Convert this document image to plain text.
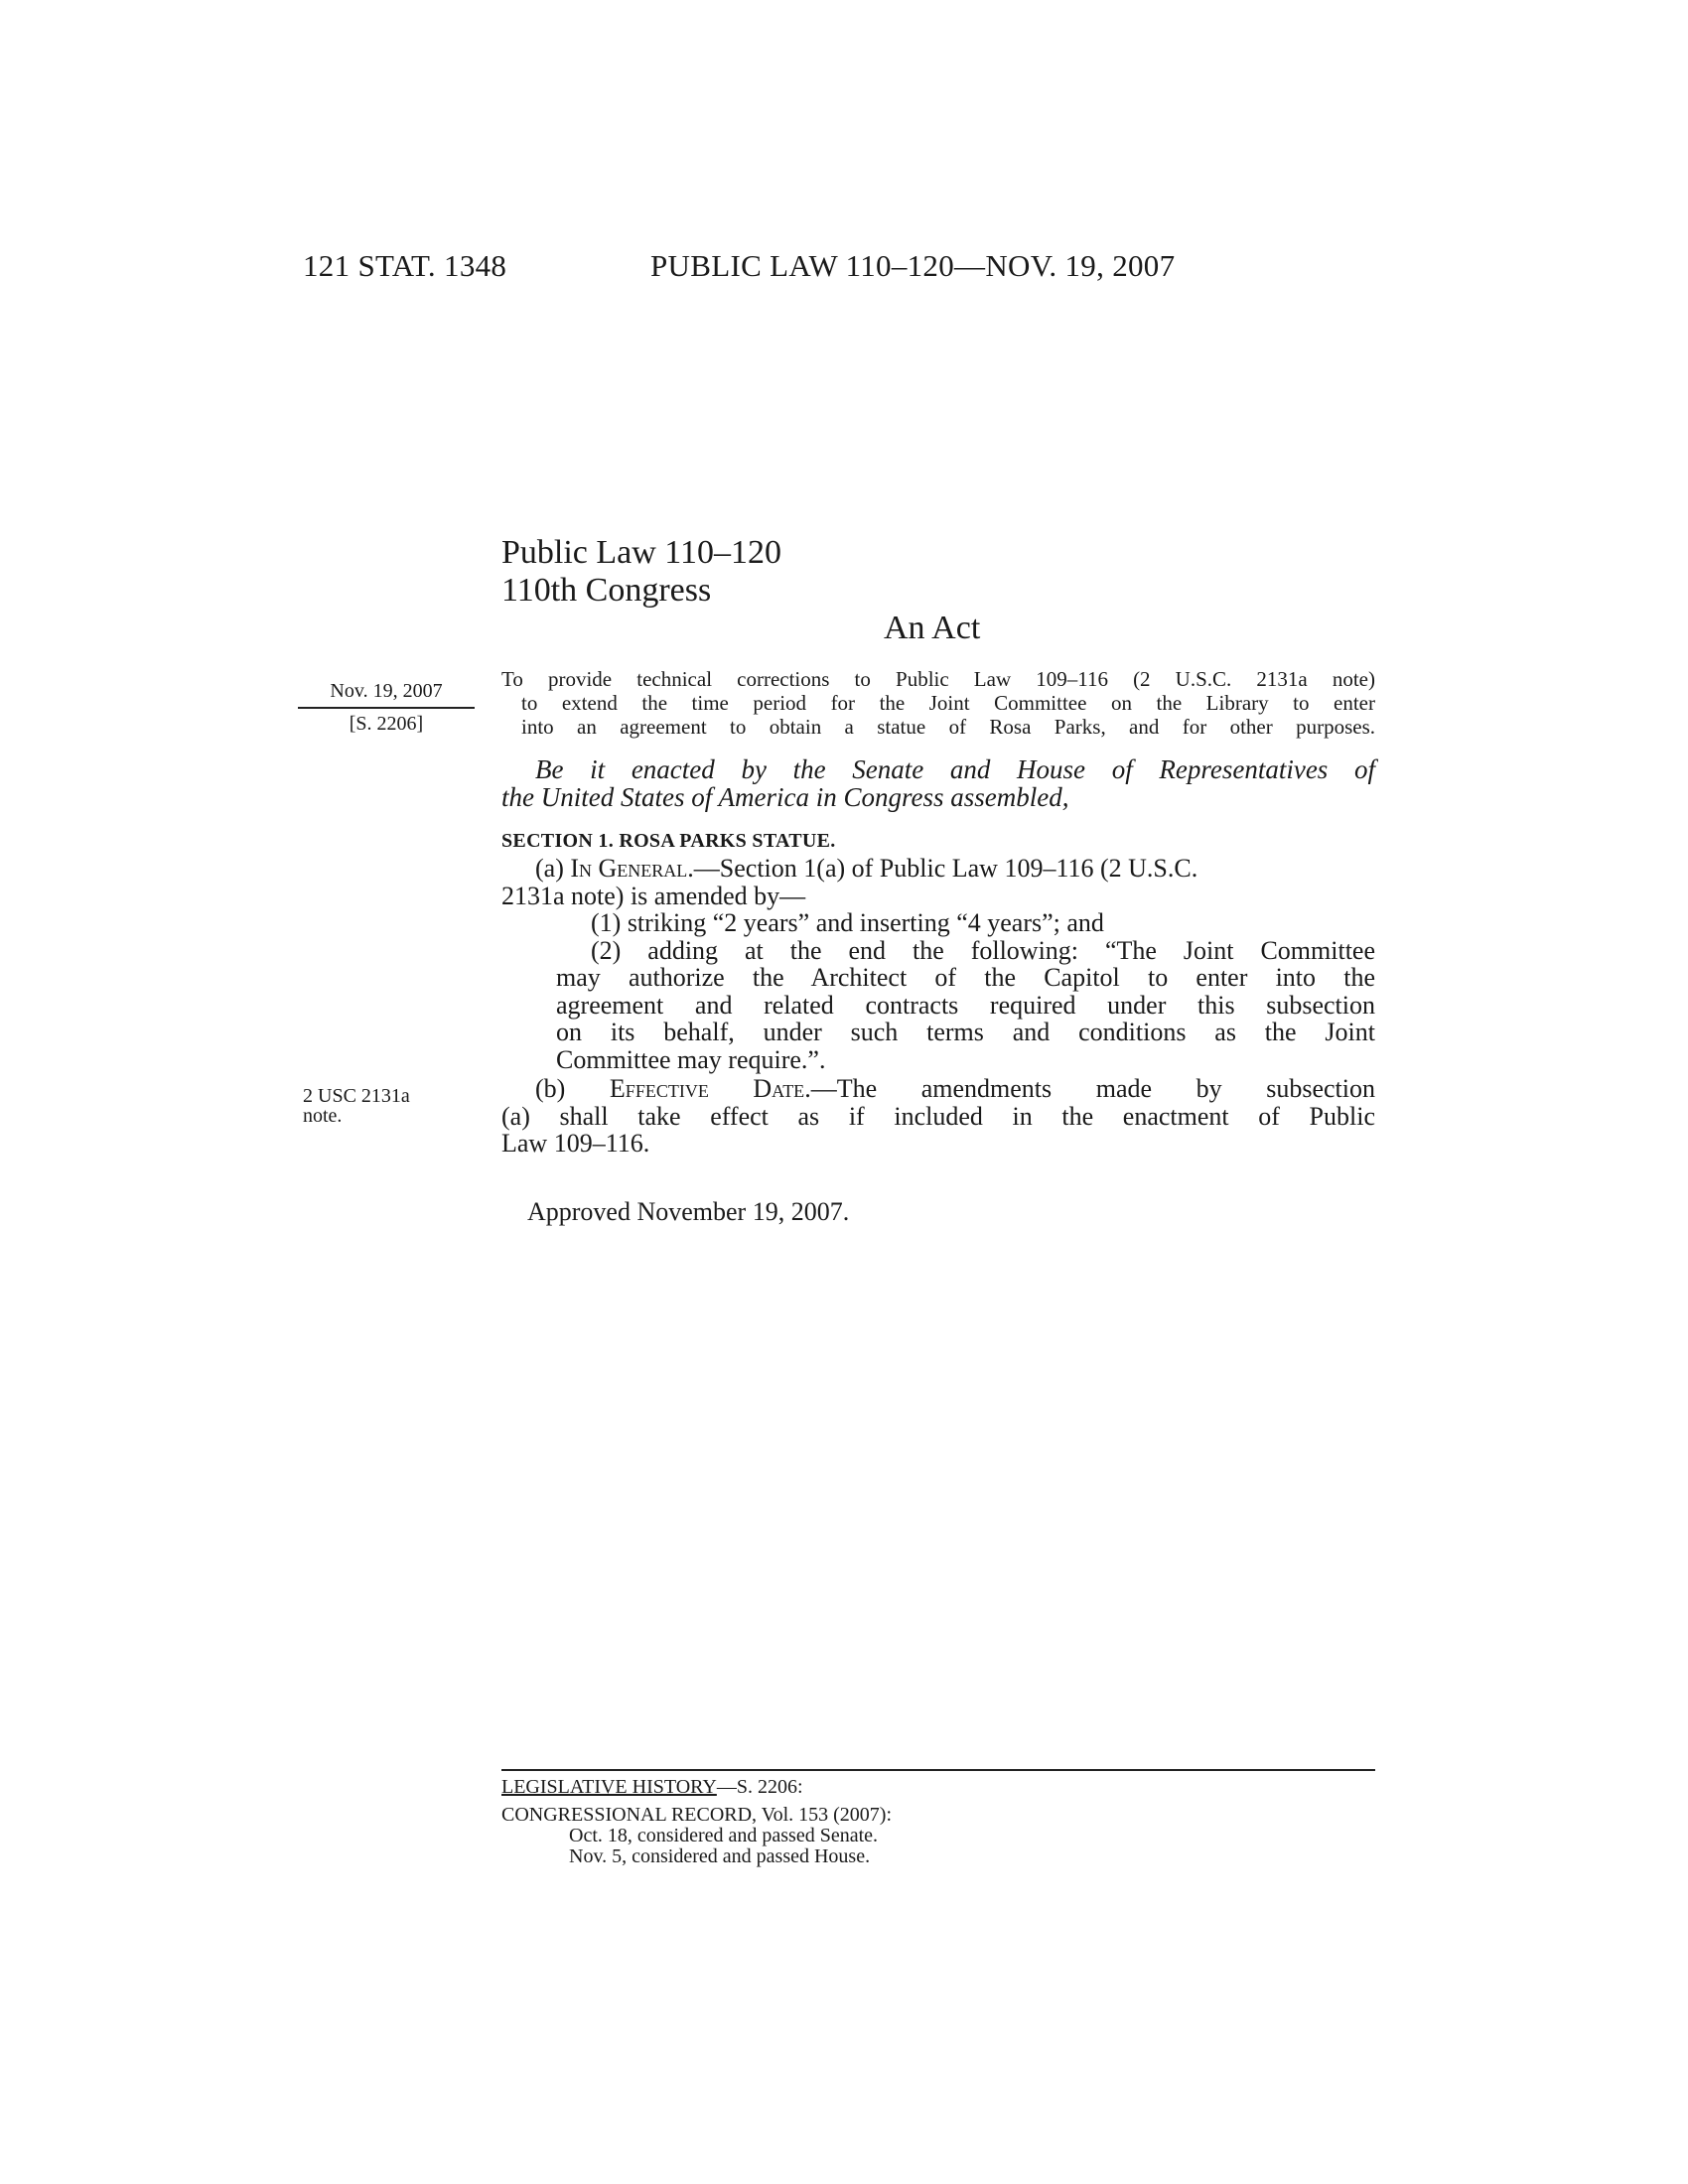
121 STAT. 1348	PUBLIC LAW 110–120—NOV. 19, 2007
Public Law 110–120
110th Congress
An Act
Nov. 19, 2007
[S. 2206]
To provide technical corrections to Public Law 109–116 (2 U.S.C. 2131a note)
to extend the time period for the Joint Committee on the Library to enter
into an agreement to obtain a statue of Rosa Parks, and for other purposes.
Be it enacted by the Senate and House of Representatives of
the United States of America in Congress assembled,
SECTION 1. ROSA PARKS STATUE.
(a) In General.—Section 1(a) of Public Law 109–116 (2 U.S.C.
2131a note) is amended by—
(1) striking “2 years” and inserting “4 years”; and
(2) adding at the end the following: “The Joint Committee
may authorize the Architect of the Capitol to enter into the
agreement and related contracts required under this subsection
on its behalf, under such terms and conditions as the Joint
Committee may require.”.
2 USC 2131a
note.
(b) Effective Date.—The amendments made by subsection
(a) shall take effect as if included in the enactment of Public
Law 109–116.
Approved November 19, 2007.
LEGISLATIVE HISTORY—S. 2206:
CONGRESSIONAL RECORD, Vol. 153 (2007):
Oct. 18, considered and passed Senate.
Nov. 5, considered and passed House.
